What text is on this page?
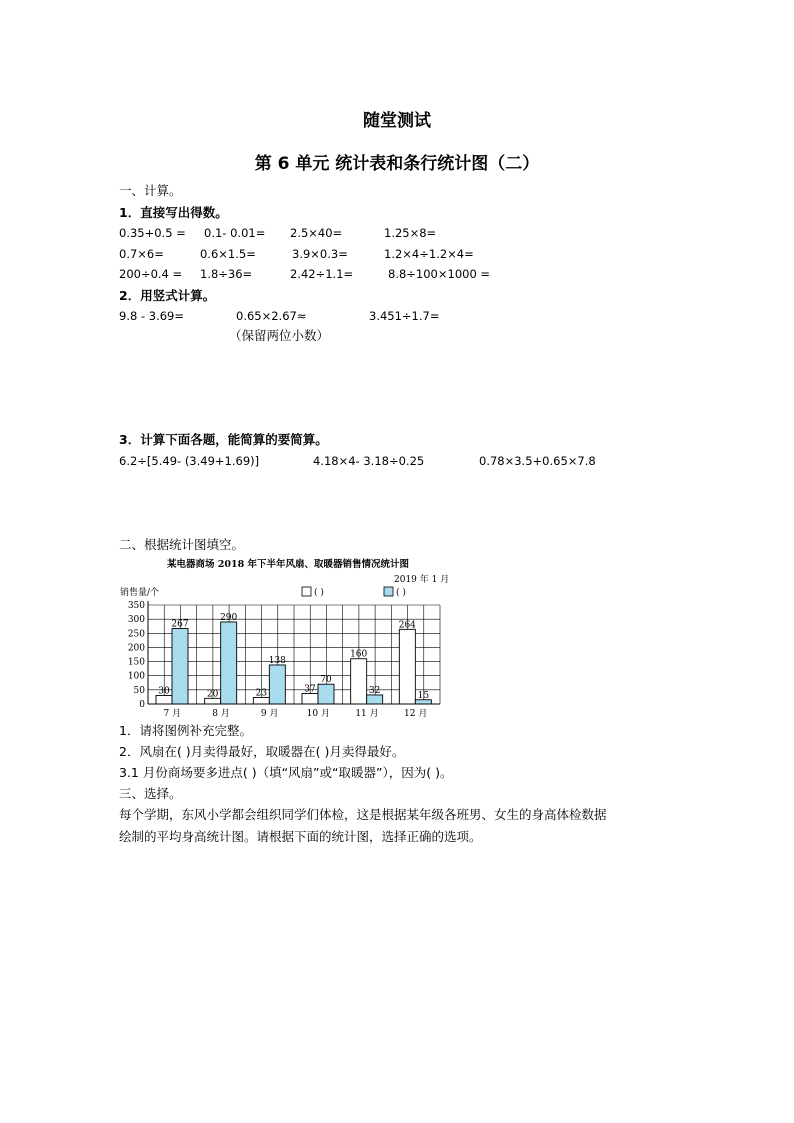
随堂测试
第 6 单元 统计表和条行统计图（二）
一、计算。
1．直接写出得数。
0.35+0.5 = 0.1- 0.01= 2.5×40=	1.25×8=
0.7×6=	0.6×1.5=	3.9×0.3=	1.2×4÷1.2×4=
200÷0.4 = 1.8÷36=	2.42÷1.1=	8.8÷100×1000 =
2．用竖式计算。
9.8 - 3.69=	0.65×2.67≈	3.451÷1.7=
（保留两位小数）
3．计算下面各题，能简算的要简算。
6.2÷[5.49- (3.49+1.69)]	4.18×4- 3.18÷0.25	0.78×3.5+0.65×7.8
二、根据统计图填空。
某电器商场 2018 年下半年风扇、取暖器销售情况统计图
2019 年 1 月
销售量/个	( )	( )
0
50
100
150
200
250
300
350
7 月
30
267
8 月
20
290
9 月
23
138
10 月
37
70
11 月
160
32
12 月
264
15
1．请将图例补充完整。
2．风扇在( )月卖得最好，取暖器在( )月卖得最好。
3.1 月份商场要多进点( )（填“风扇”或“取暖器”），因为( )。
三、选择。
每个学期，东风小学都会组织同学们体检，这是根据某年级各班男、女生的身高体检数据
绘制的平均身高统计图。请根据下面的统计图，选择正确的选项。
